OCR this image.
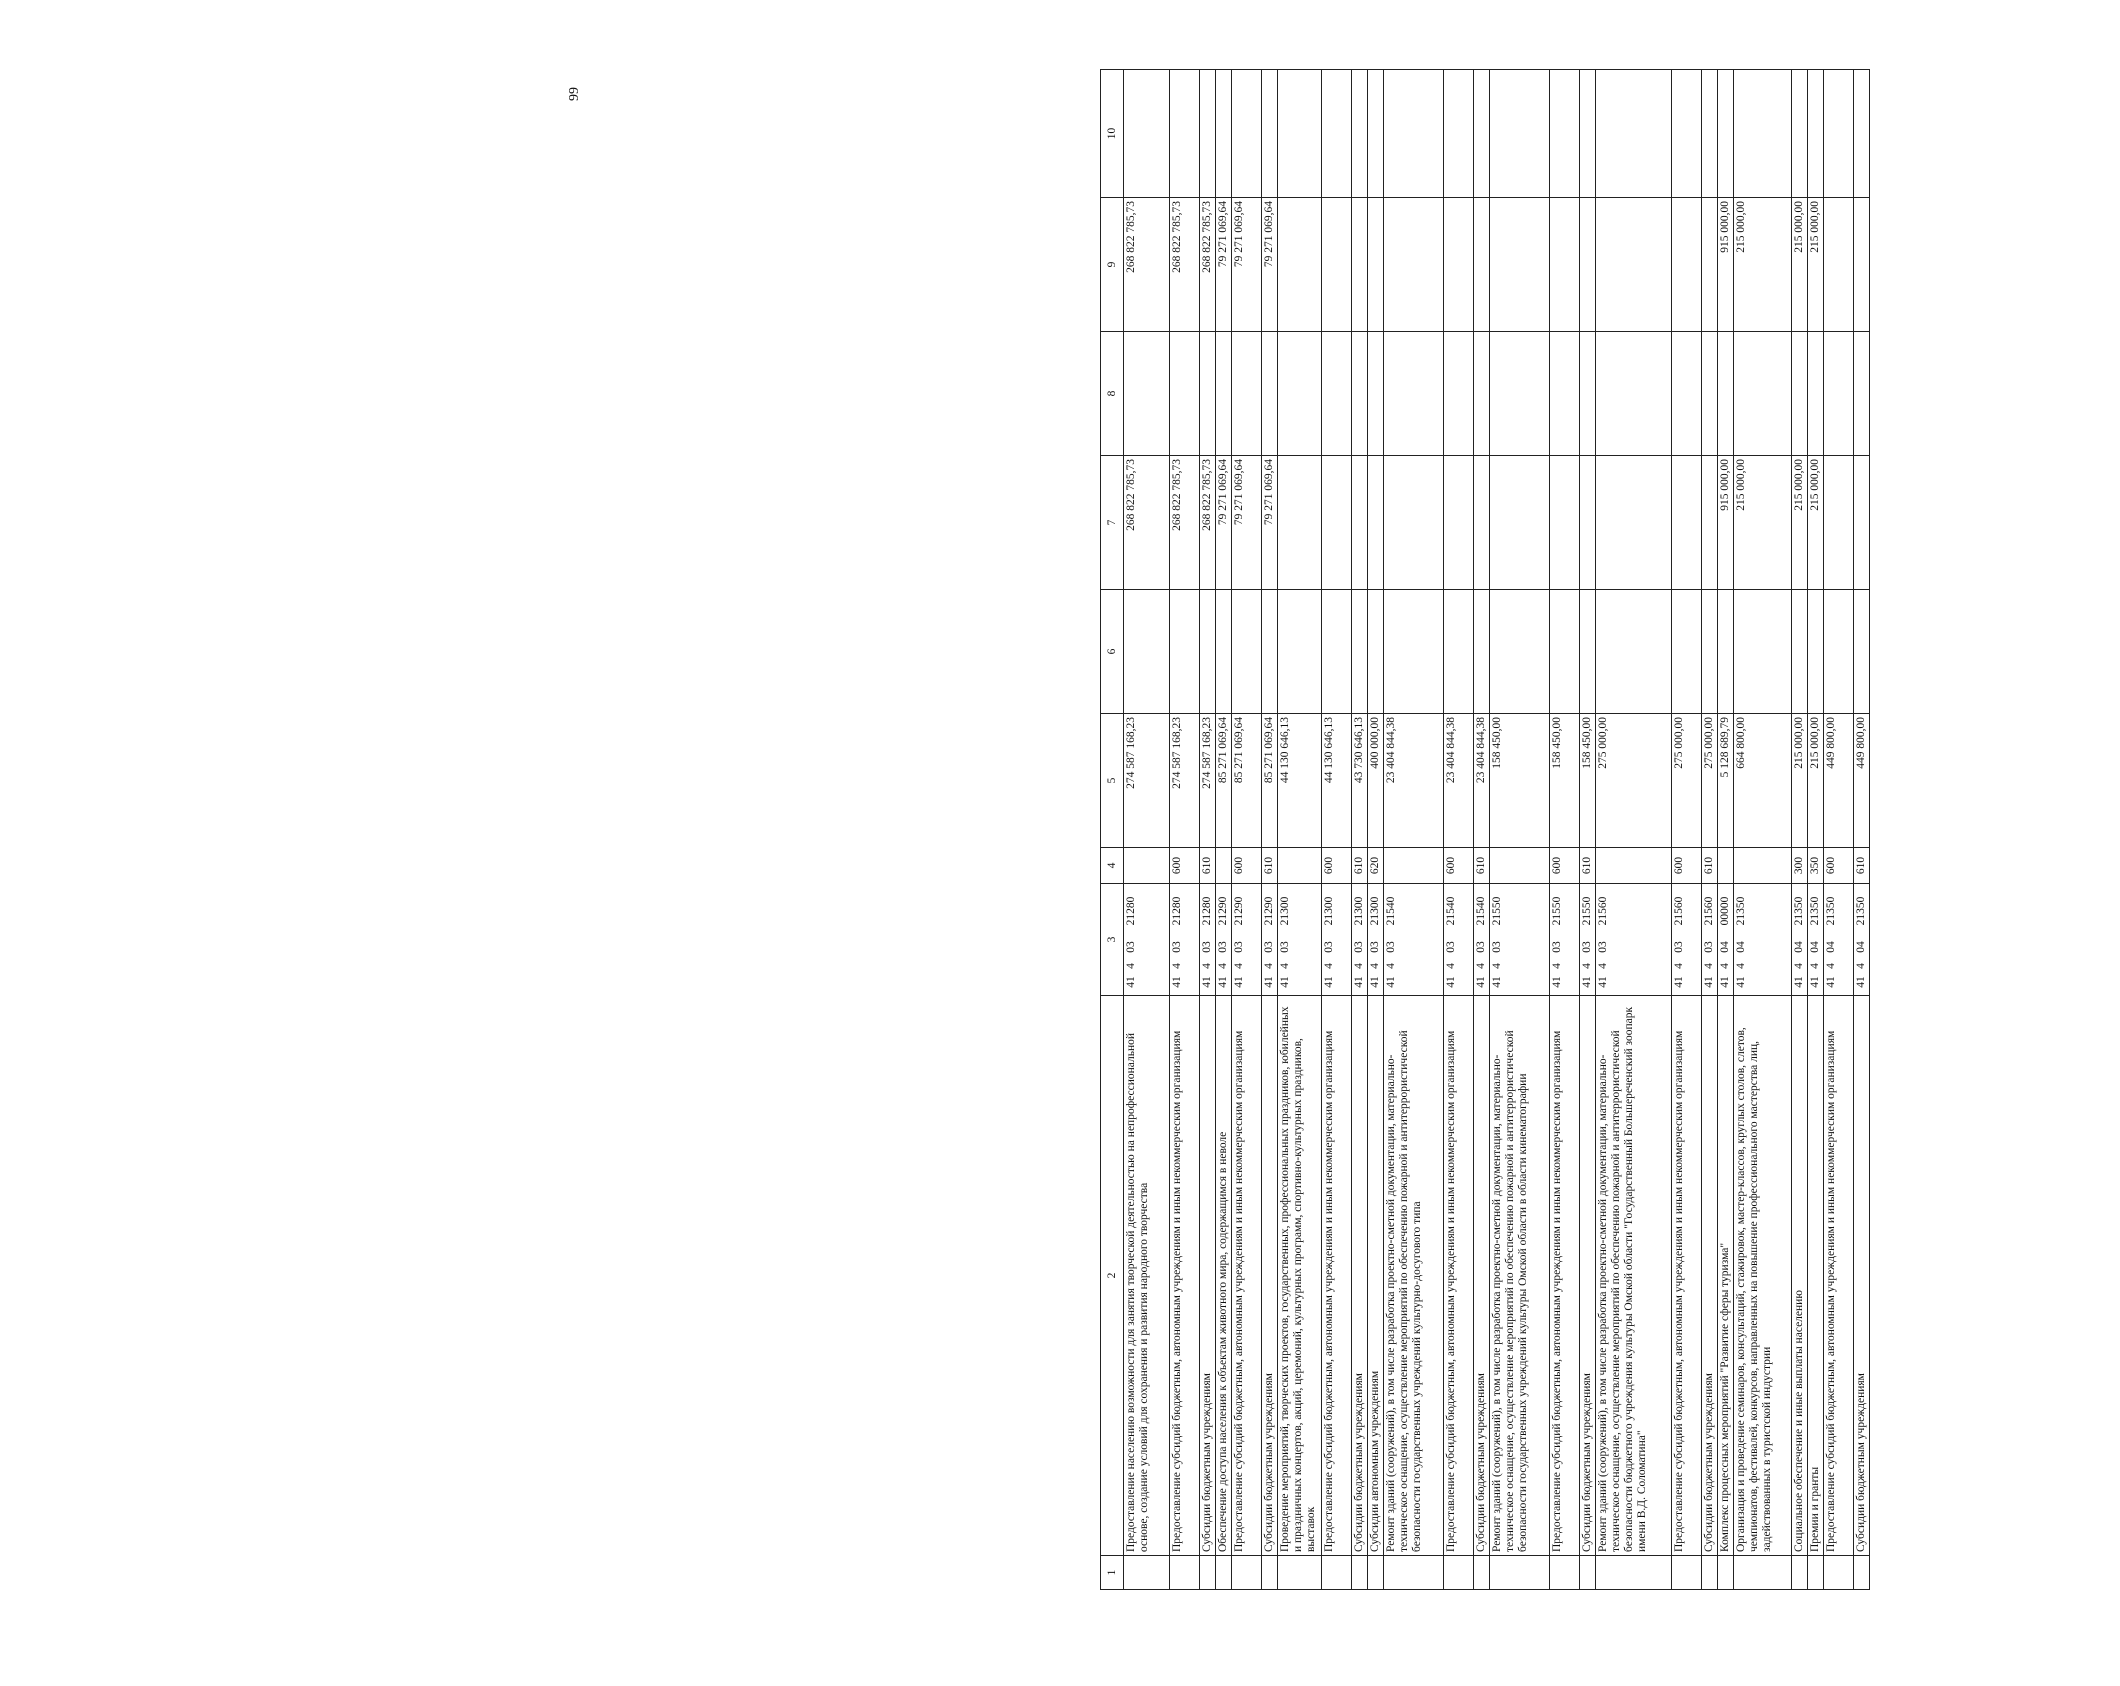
99
1	2	3	4	5	6	7	8	9	10
	Предоставление населению возможности для занятия творческой деятельностью на непрофессиональной основе, создание условий для сохранения и развития народного творчества	4140321280		274 587 168,23		268 822 785,73		268 822 785,73	
	Предоставление субсидий бюджетным, автономным учреждениям и иным некоммерческим организациям	4140321280	600	274 587 168,23		268 822 785,73		268 822 785,73	
	Субсидии бюджетным учреждениям	4140321280	610	274 587 168,23		268 822 785,73		268 822 785,73	
	Обеспечение доступа населения к объектам животного мира, содержащимся в неволе	4140321290		85 271 069,64		79 271 069,64		79 271 069,64	
	Предоставление субсидий бюджетным, автономным учреждениям и иным некоммерческим организациям	4140321290	600	85 271 069,64		79 271 069,64		79 271 069,64	
	Субсидии бюджетным учреждениям	4140321290	610	85 271 069,64		79 271 069,64		79 271 069,64	
	Проведение мероприятий, творческих проектов, государственных, профессиональных праздников, юбилейных и праздничных концертов, акций, церемоний, культурных программ, спортивно-культурных праздников, выставок	4140321300		44 130 646,13					
	Предоставление субсидий бюджетным, автономным учреждениям и иным некоммерческим организациям	4140321300	600	44 130 646,13					
	Субсидии бюджетным учреждениям	4140321300	610	43 730 646,13					
	Субсидии автономным учреждениям	4140321300	620	400 000,00					
	Ремонт зданий (сооружений), в том числе разработка проектно-сметной документации, материально-техническое оснащение, осуществление мероприятий по обеспечению пожарной и антитеррористической безопасности государственных учреждений культурно-досугового типа	4140321540		23 404 844,38					
	Предоставление субсидий бюджетным, автономным учреждениям и иным некоммерческим организациям	4140321540	600	23 404 844,38					
	Субсидии бюджетным учреждениям	4140321540	610	23 404 844,38					
	Ремонт зданий (сооружений), в том числе разработка проектно-сметной документации, материально-техническое оснащение, осуществление мероприятий по обеспечению пожарной и антитеррористической безопасности государственных учреждений культуры Омской области в области кинематографии	4140321550		158 450,00					
	Предоставление субсидий бюджетным, автономным учреждениям и иным некоммерческим организациям	4140321550	600	158 450,00					
	Субсидии бюджетным учреждениям	4140321550	610	158 450,00					
	Ремонт зданий (сооружений), в том числе разработка проектно-сметной документации, материально-техническое оснащение, осуществление мероприятий по обеспечению пожарной и антитеррористической безопасности бюджетного учреждения культуры Омской области "Государственный Большереченский зоопарк имени В.Д. Соломатина"	4140321560		275 000,00					
	Предоставление субсидий бюджетным, автономным учреждениям и иным некоммерческим организациям	4140321560	600	275 000,00					
	Субсидии бюджетным учреждениям	4140321560	610	275 000,00					
	Комплекс процессных мероприятий "Развитие сферы туризма"	4140400000		5 128 689,79		915 000,00		915 000,00	
	Организация и проведение семинаров, консультаций, стажировок, мастер-классов, круглых столов, слетов, чемпионатов, фестивалей, конкурсов, направленных на повышение профессионального мастерства лиц, задействованных в туристской индустрии	4140421350		664 800,00		215 000,00		215 000,00	
	Социальное обеспечение и иные выплаты населению	4140421350	300	215 000,00		215 000,00		215 000,00	
	Премии и гранты	4140421350	350	215 000,00		215 000,00		215 000,00	
	Предоставление субсидий бюджетным, автономным учреждениям и иным некоммерческим организациям	4140421350	600	449 800,00					
	Субсидии бюджетным учреждениям	4140421350	610	449 800,00					
